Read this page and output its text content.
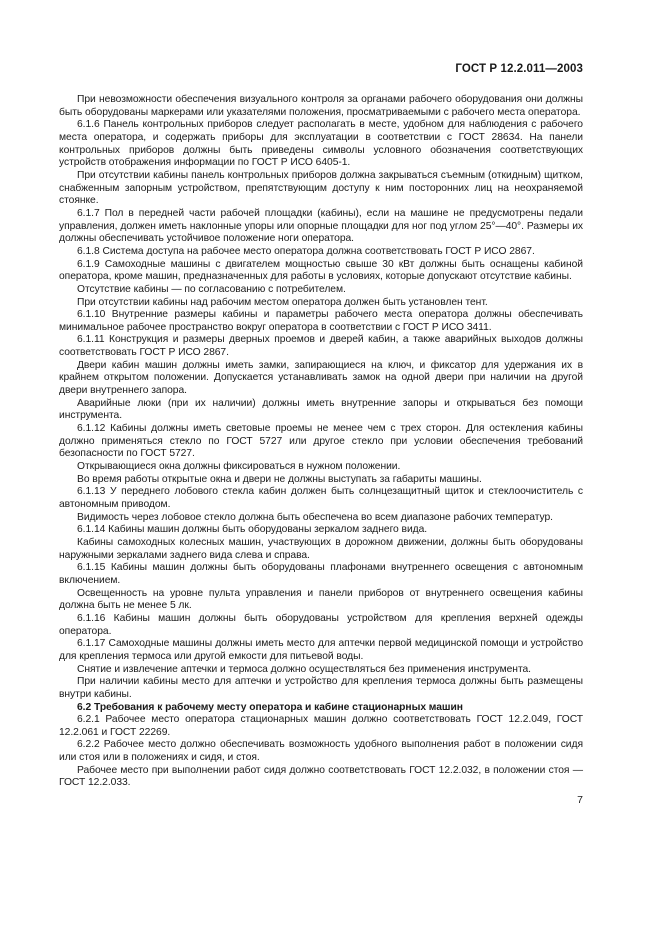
ГОСТ Р 12.2.011—2003

При невозможности обеспечения визуального контроля за органами рабочего оборудования они должны быть оборудованы маркерами или указателями положения, просматриваемыми с рабочего места оператора.

6.1.6 Панель контрольных приборов следует располагать в месте, удобном для наблюдения с рабочего места оператора, и содержать приборы для эксплуатации в соответствии с ГОСТ 28634. На панели контрольных приборов должны быть приведены символы условного обозначения соответствующих устройств отображения информации по ГОСТ Р ИСО 6405-1.

При отсутствии кабины панель контрольных приборов должна закрываться съемным (откидным) щитком, снабженным запорным устройством, препятствующим доступу к ним посторонних лиц на неохраняемой стоянке.

6.1.7 Пол в передней части рабочей площадки (кабины), если на машине не предусмотрены педали управления, должен иметь наклонные упоры или опорные площадки для ног под углом 25°—40°. Размеры их должны обеспечивать устойчивое положение ноги оператора.

6.1.8 Система доступа на рабочее место оператора должна соответствовать ГОСТ Р ИСО 2867.

6.1.9 Самоходные машины с двигателем мощностью свыше 30 кВт должны быть оснащены кабиной оператора, кроме машин, предназначенных для работы в условиях, которые допускают отсутствие кабины.

Отсутствие кабины — по согласованию с потребителем.

При отсутствии кабины над рабочим местом оператора должен быть установлен тент.

6.1.10 Внутренние размеры кабины и параметры рабочего места оператора должны обеспечивать минимальное рабочее пространство вокруг оператора в соответствии с ГОСТ Р ИСО 3411.

6.1.11 Конструкция и размеры дверных проемов и дверей кабин, а также аварийных выходов должны соответствовать ГОСТ Р ИСО 2867.

Двери кабин машин должны иметь замки, запирающиеся на ключ, и фиксатор для удержания их в крайнем открытом положении. Допускается устанавливать замок на одной двери при наличии на другой двери внутреннего запора.

Аварийные люки (при их наличии) должны иметь внутренние запоры и открываться без помощи инструмента.

6.1.12 Кабины должны иметь световые проемы не менее чем с трех сторон. Для остекления кабины должно применяться стекло по ГОСТ 5727 или другое стекло при условии обеспечения требований безопасности по ГОСТ 5727.

Открывающиеся окна должны фиксироваться в нужном положении.

Во время работы открытые окна и двери не должны выступать за габариты машины.

6.1.13 У переднего лобового стекла кабин должен быть солнцезащитный щиток и стеклоочиститель с автономным приводом.

Видимость через лобовое стекло должна быть обеспечена во всем диапазоне рабочих температур.

6.1.14 Кабины машин должны быть оборудованы зеркалом заднего вида.

Кабины самоходных колесных машин, участвующих в дорожном движении, должны быть оборудованы наружными зеркалами заднего вида слева и справа.

6.1.15 Кабины машин должны быть оборудованы плафонами внутреннего освещения с автономным включением.

Освещенность на уровне пульта управления и панели приборов от внутреннего освещения кабины должна быть не менее 5 лк.

6.1.16 Кабины машин должны быть оборудованы устройством для крепления верхней одежды оператора.

6.1.17 Самоходные машины должны иметь место для аптечки первой медицинской помощи и устройство для крепления термоса или другой емкости для питьевой воды.

Снятие и извлечение аптечки и термоса должно осуществляться без применения инструмента.

При наличии кабины место для аптечки и устройство для крепления термоса должны быть размещены внутри кабины.

6.2 Требования к рабочему месту оператора и кабине стационарных машин

6.2.1 Рабочее место оператора стационарных машин должно соответствовать ГОСТ 12.2.049, ГОСТ 12.2.061 и ГОСТ 22269.

6.2.2 Рабочее место должно обеспечивать возможность удобного выполнения работ в положении сидя или стоя или в положениях и сидя, и стоя.

Рабочее место при выполнении работ сидя должно соответствовать ГОСТ 12.2.032, в положении стоя — ГОСТ 12.2.033.

7
